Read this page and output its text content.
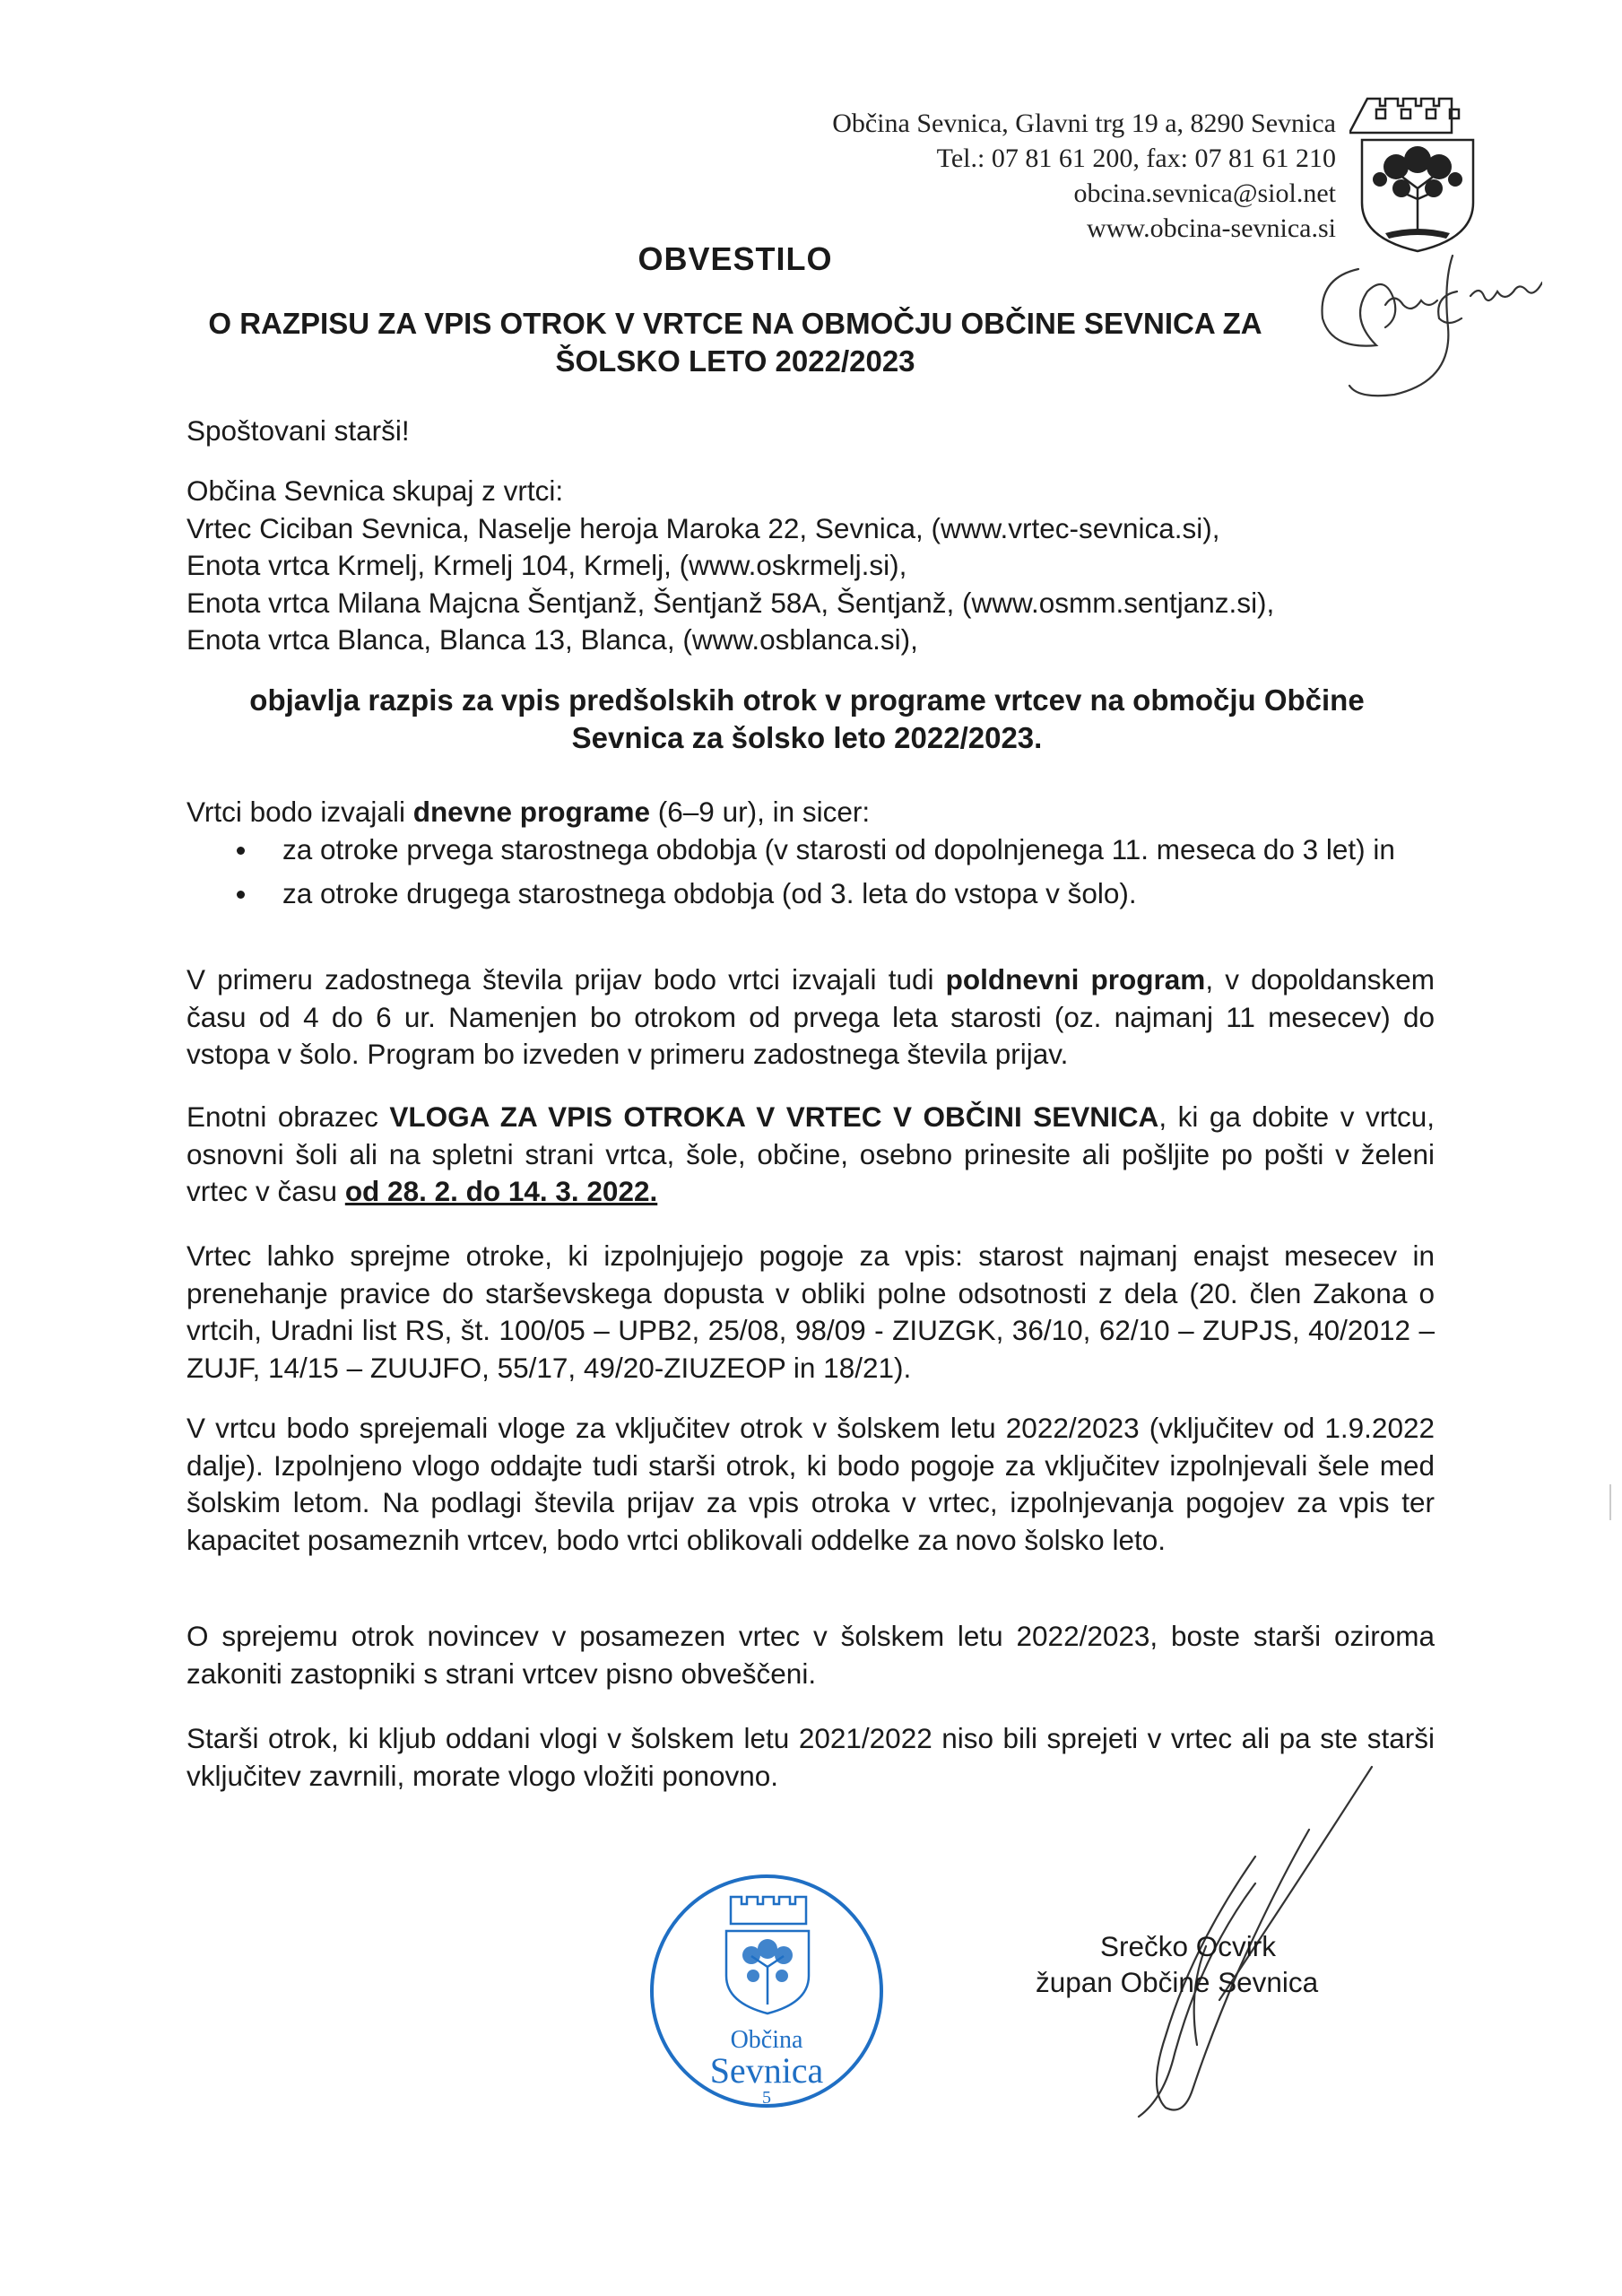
Občina Sevnica, Glavni trg 19 a, 8290 Sevnica
Tel.: 07 81 61 200, fax: 07 81 61 210
obcina.sevnica@siol.net
www.obcina-sevnica.si
OBVESTILO
O RAZPISU ZA VPIS OTROK V VRTCE NA OBMOČJU OBČINE SEVNICA ZA
ŠOLSKO LETO 2022/2023
Spoštovani starši!
Občina Sevnica skupaj z vrtci:
Vrtec Ciciban Sevnica, Naselje heroja Maroka 22, Sevnica, (www.vrtec-sevnica.si),
Enota vrtca Krmelj, Krmelj 104, Krmelj, (www.oskrmelj.si),
Enota vrtca Milana Majcna Šentjanž, Šentjanž 58A, Šentjanž, (www.osmm.sentjanz.si),
Enota vrtca Blanca, Blanca 13, Blanca, (www.osblanca.si),
objavlja razpis za vpis predšolskih otrok v programe vrtcev na območju Občine
Sevnica za šolsko leto 2022/2023.
Vrtci bodo izvajali dnevne programe (6–9 ur), in sicer:
za otroke prvega starostnega obdobja (v starosti od dopolnjenega 11. meseca do 3 let) in
za otroke drugega starostnega obdobja (od 3. leta do vstopa v šolo).

V primeru zadostnega števila prijav bodo vrtci izvajali tudi poldnevni program, v dopoldanskem času od 4 do 6 ur. Namenjen bo otrokom od prvega leta starosti (oz. najmanj 11 mesecev) do vstopa v šolo. Program bo izveden v primeru zadostnega števila prijav.

Enotni obrazec VLOGA ZA VPIS OTROKA V VRTEC V OBČINI SEVNICA, ki ga dobite v vrtcu, osnovni šoli ali na spletni strani vrtca, šole, občine, osebno prinesite ali pošljite po pošti v želeni vrtec v času od 28. 2. do 14. 3. 2022.

Vrtec lahko sprejme otroke, ki izpolnjujejo pogoje za vpis: starost najmanj enajst mesecev in prenehanje pravice do starševskega dopusta v obliki polne odsotnosti z dela (20. člen Zakona o vrtcih, Uradni list RS, št. 100/05 – UPB2, 25/08, 98/09 - ZIUZGK, 36/10, 62/10 – ZUPJS, 40/2012 – ZUJF, 14/15 – ZUUJFO, 55/17, 49/20-ZIUZEOP in 18/21).

V vrtcu bodo sprejemali vloge za vključitev otrok v šolskem letu 2022/2023 (vključitev od 1.9.2022 dalje). Izpolnjeno vlogo oddajte tudi starši otrok, ki bodo pogoje za vključitev izpolnjevali šele med šolskim letom. Na podlagi števila prijav za vpis otroka v vrtec, izpolnjevanja pogojev za vpis ter kapacitet posameznih vrtcev, bodo vrtci oblikovali oddelke za novo šolsko leto.

O sprejemu otrok novincev v posamezen vrtec v šolskem letu 2022/2023, boste starši oziroma zakoniti zastopniki s strani vrtcev pisno obveščeni.

Starši otrok, ki kljub oddani vlogi v šolskem letu 2021/2022 niso bili sprejeti v vrtec ali pa ste starši vključitev zavrnili, morate vlogo vložiti ponovno.

Občina
Sevnica
5
Srečko Ocvirk
župan Občine Sevnica
